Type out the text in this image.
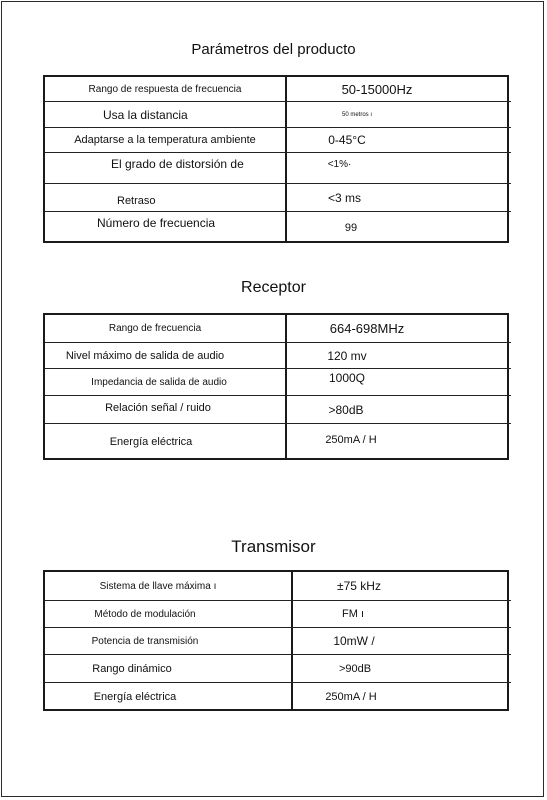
Parámetros del producto
Rango de respuesta de frecuencia	50-15000Hz
Usa la distancia	50 metros ı
Adaptarse a la temperatura ambiente	0-45°C
El grado de distorsión de	<1%·
Retraso	<3 ms
Número de frecuencia	99
Receptor
Rango de frecuencia	664-698MHz
Nivel máximo de salida de audio	120 mv
Impedancia de salida de audio	1000Q
Relación señal / ruido	>80dB
Energía eléctrica	250mA / H
Transmisor
Sistema de llave máxima ı	±75 kHz
Método de modulación	FM ı
Potencia de transmisión	10mW /
Rango dinámico	>90dB
Energía eléctrica	250mA / H
